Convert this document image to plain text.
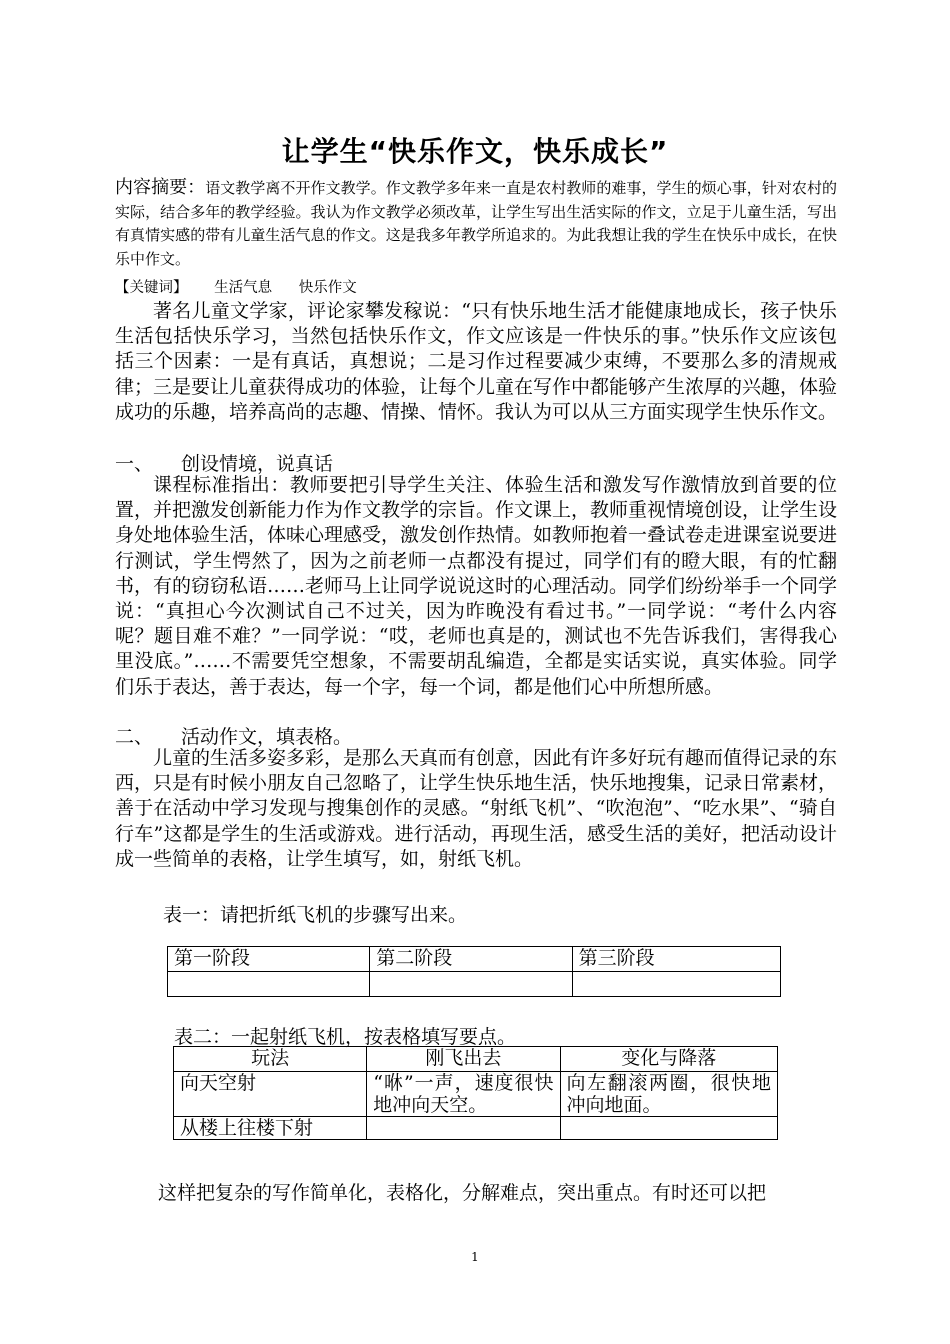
让学生“快乐作文，快乐成长”
内容摘要：语文教学离不开作文教学。作文教学多年来一直是农村教师的难事，学生的烦心事，针对农村的实际，结合多年的教学经验。我认为作文教学必须改革，让学生写出生活实际的作文，立足于儿童生活，写出有真情实感的带有儿童生活气息的作文。这是我多年教学所追求的。为此我想让我的学生在快乐中成长，在快乐中作文。
【关键词】 生活气息 快乐作文
著名儿童文学家，评论家攀发稼说：“只有快乐地生活才能健康地成长，孩子快乐生活包括快乐学习，当然包括快乐作文，作文应该是一件快乐的事。”快乐作文应该包括三个因素：一是有真话，真想说；二是习作过程要减少束缚，不要那么多的清规戒律；三是要让儿童获得成功的体验，让每个儿童在写作中都能够产生浓厚的兴趣，体验成功的乐趣，培养高尚的志趣、情操、情怀。我认为可以从三方面实现学生快乐作文。
一、 创设情境，说真话
课程标准指出：教师要把引导学生关注、体验生活和激发写作激情放到首要的位置，并把激发创新能力作为作文教学的宗旨。作文课上，教师重视情境创设，让学生设身处地体验生活，体味心理感受，激发创作热情。如教师抱着一叠试卷走进课室说要进行测试，学生愕然了，因为之前老师一点都没有提过，同学们有的瞪大眼，有的忙翻书，有的窃窃私语……老师马上让同学说说这时的心理活动。同学们纷纷举手一个同学说：“真担心今次测试自己不过关，因为昨晚没有看过书。”一同学说：“考什么内容呢？题目难不难？”一同学说：“哎，老师也真是的，测试也不先告诉我们，害得我心里没底。”……不需要凭空想象，不需要胡乱编造，全都是实话实说，真实体验。同学们乐于表达，善于表达，每一个字，每一个词，都是他们心中所想所感。
二、 活动作文，填表格。
儿童的生活多姿多彩，是那么天真而有创意，因此有许多好玩有趣而值得记录的东西，只是有时候小朋友自己忽略了，让学生快乐地生活，快乐地搜集，记录日常素材，善于在活动中学习发现与搜集创作的灵感。“射纸飞机”、“吹泡泡”、“吃水果”、“骑自行车”这都是学生的生活或游戏。进行活动，再现生活，感受生活的美好，把活动设计成一些简单的表格，让学生填写，如，射纸飞机。
表一：请把折纸飞机的步骤写出来。
第一阶段	第二阶段	第三阶段

表二：一起射纸飞机，按表格填写要点。
玩法	刚飞出去	变化与降落
向天空射	“咻”一声，速度很快地冲向天空。	向左翻滚两圈，很快地冲向地面。
从楼上往楼下射		
这样把复杂的写作简单化，表格化，分解难点，突出重点。有时还可以把
1
